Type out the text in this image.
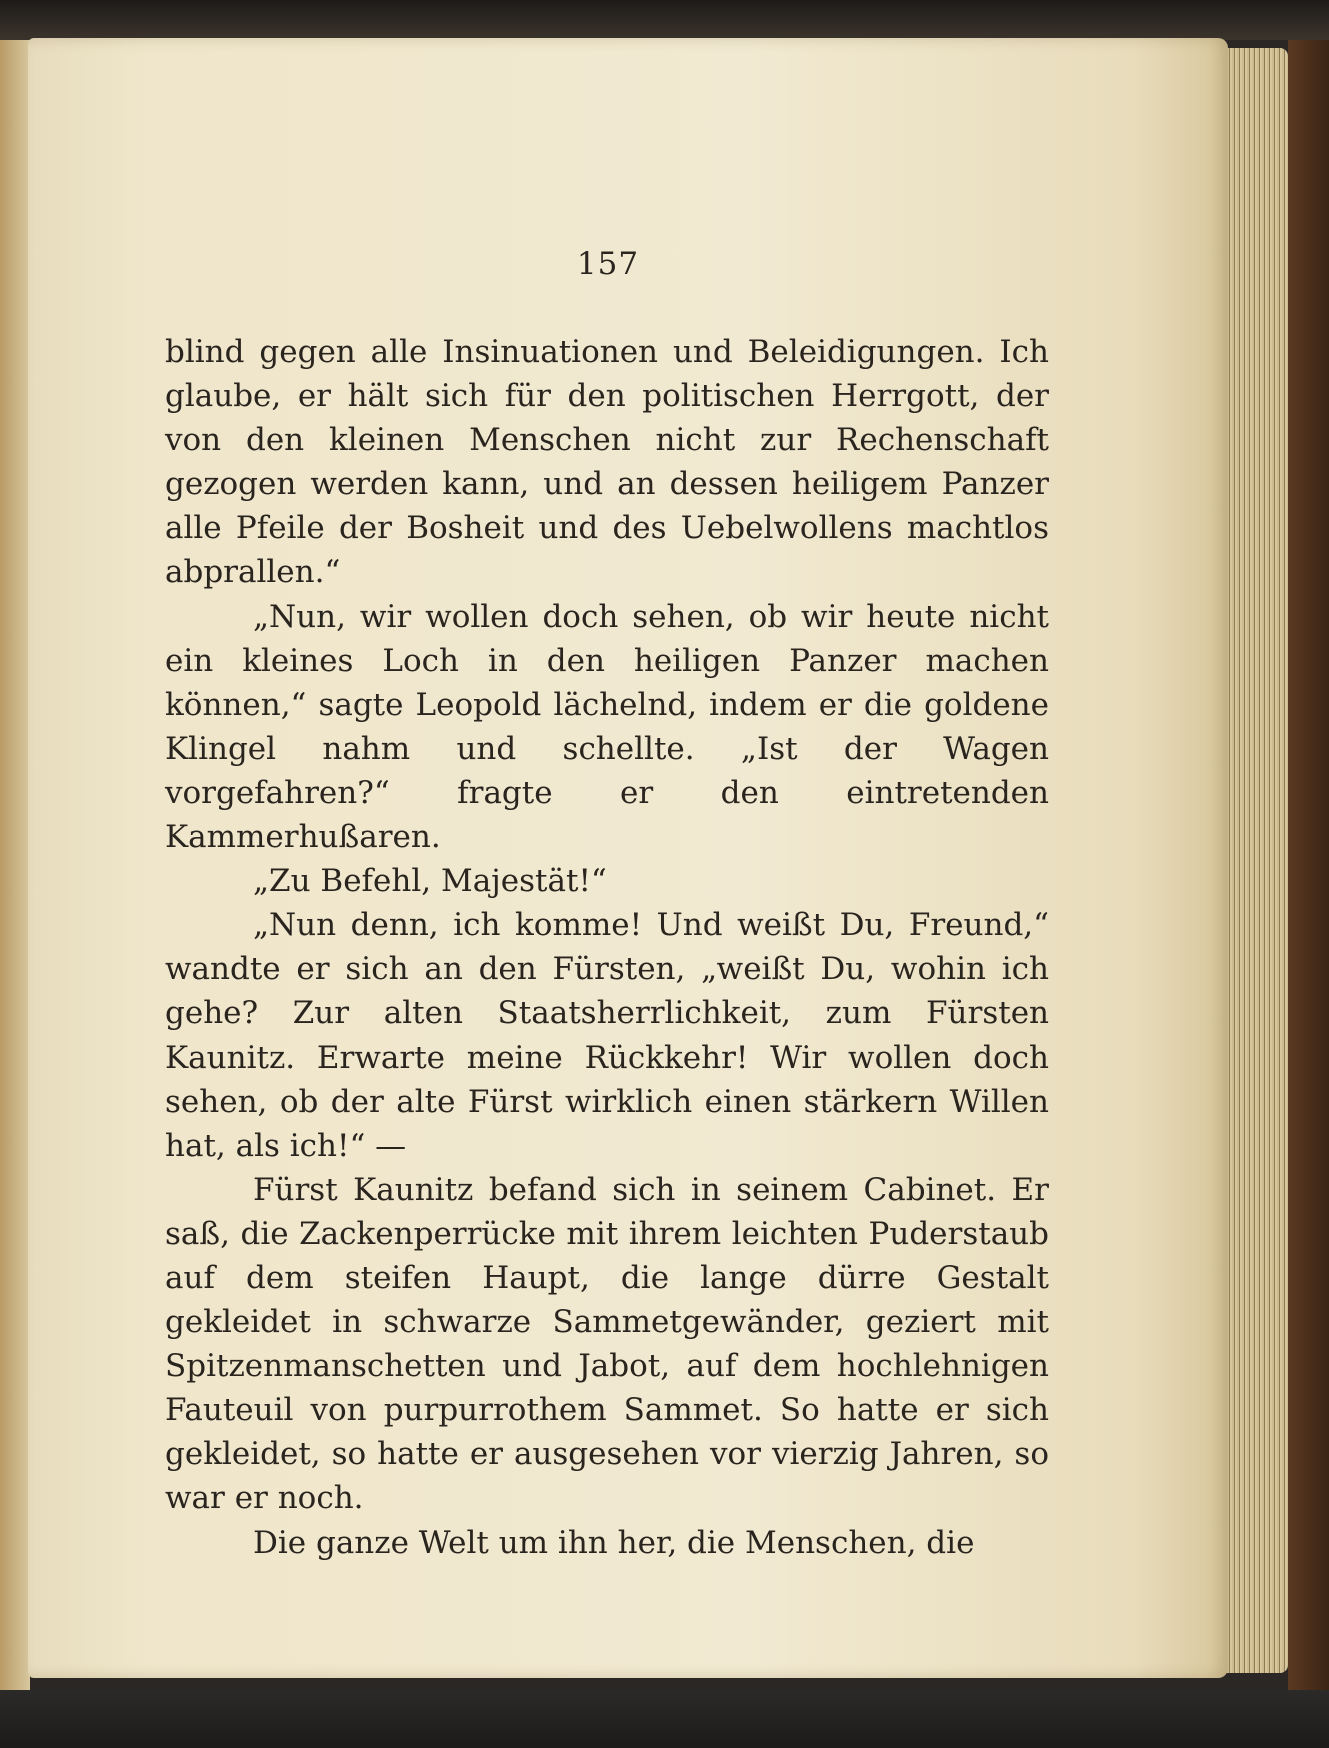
157

blind gegen alle Insinuationen und Beleidigungen. Ich glaube, er hält sich für den politischen Herrgott, der von den kleinen Menschen nicht zur Rechenschaft gezogen werden kann, und an dessen heiligem Panzer alle Pfeile der Bosheit und des Uebelwollens machtlos abprallen.“

„Nun, wir wollen doch sehen, ob wir heute nicht ein kleines Loch in den heiligen Panzer machen können,“ sagte Leopold lächelnd, indem er die goldene Klingel nahm und schellte. „Ist der Wagen vorgefahren?“ fragte er den eintretenden Kammerhußaren.

„Zu Befehl, Majestät!“

„Nun denn, ich komme! Und weißt Du, Freund,“ wandte er sich an den Fürsten, „weißt Du, wohin ich gehe? Zur alten Staatsherrlichkeit, zum Fürsten Kaunitz. Erwarte meine Rückkehr! Wir wollen doch sehen, ob der alte Fürst wirklich einen stärkern Willen hat, als ich!“ —

Fürst Kaunitz befand sich in seinem Cabinet. Er saß, die Zackenperrücke mit ihrem leichten Puderstaub auf dem steifen Haupt, die lange dürre Gestalt gekleidet in schwarze Sammetgewänder, geziert mit Spitzenmanschetten und Jabot, auf dem hochlehnigen Fauteuil von purpurrothem Sammet. So hatte er sich gekleidet, so hatte er ausgesehen vor vierzig Jahren, so war er noch.

Die ganze Welt um ihn her, die Menschen, die
